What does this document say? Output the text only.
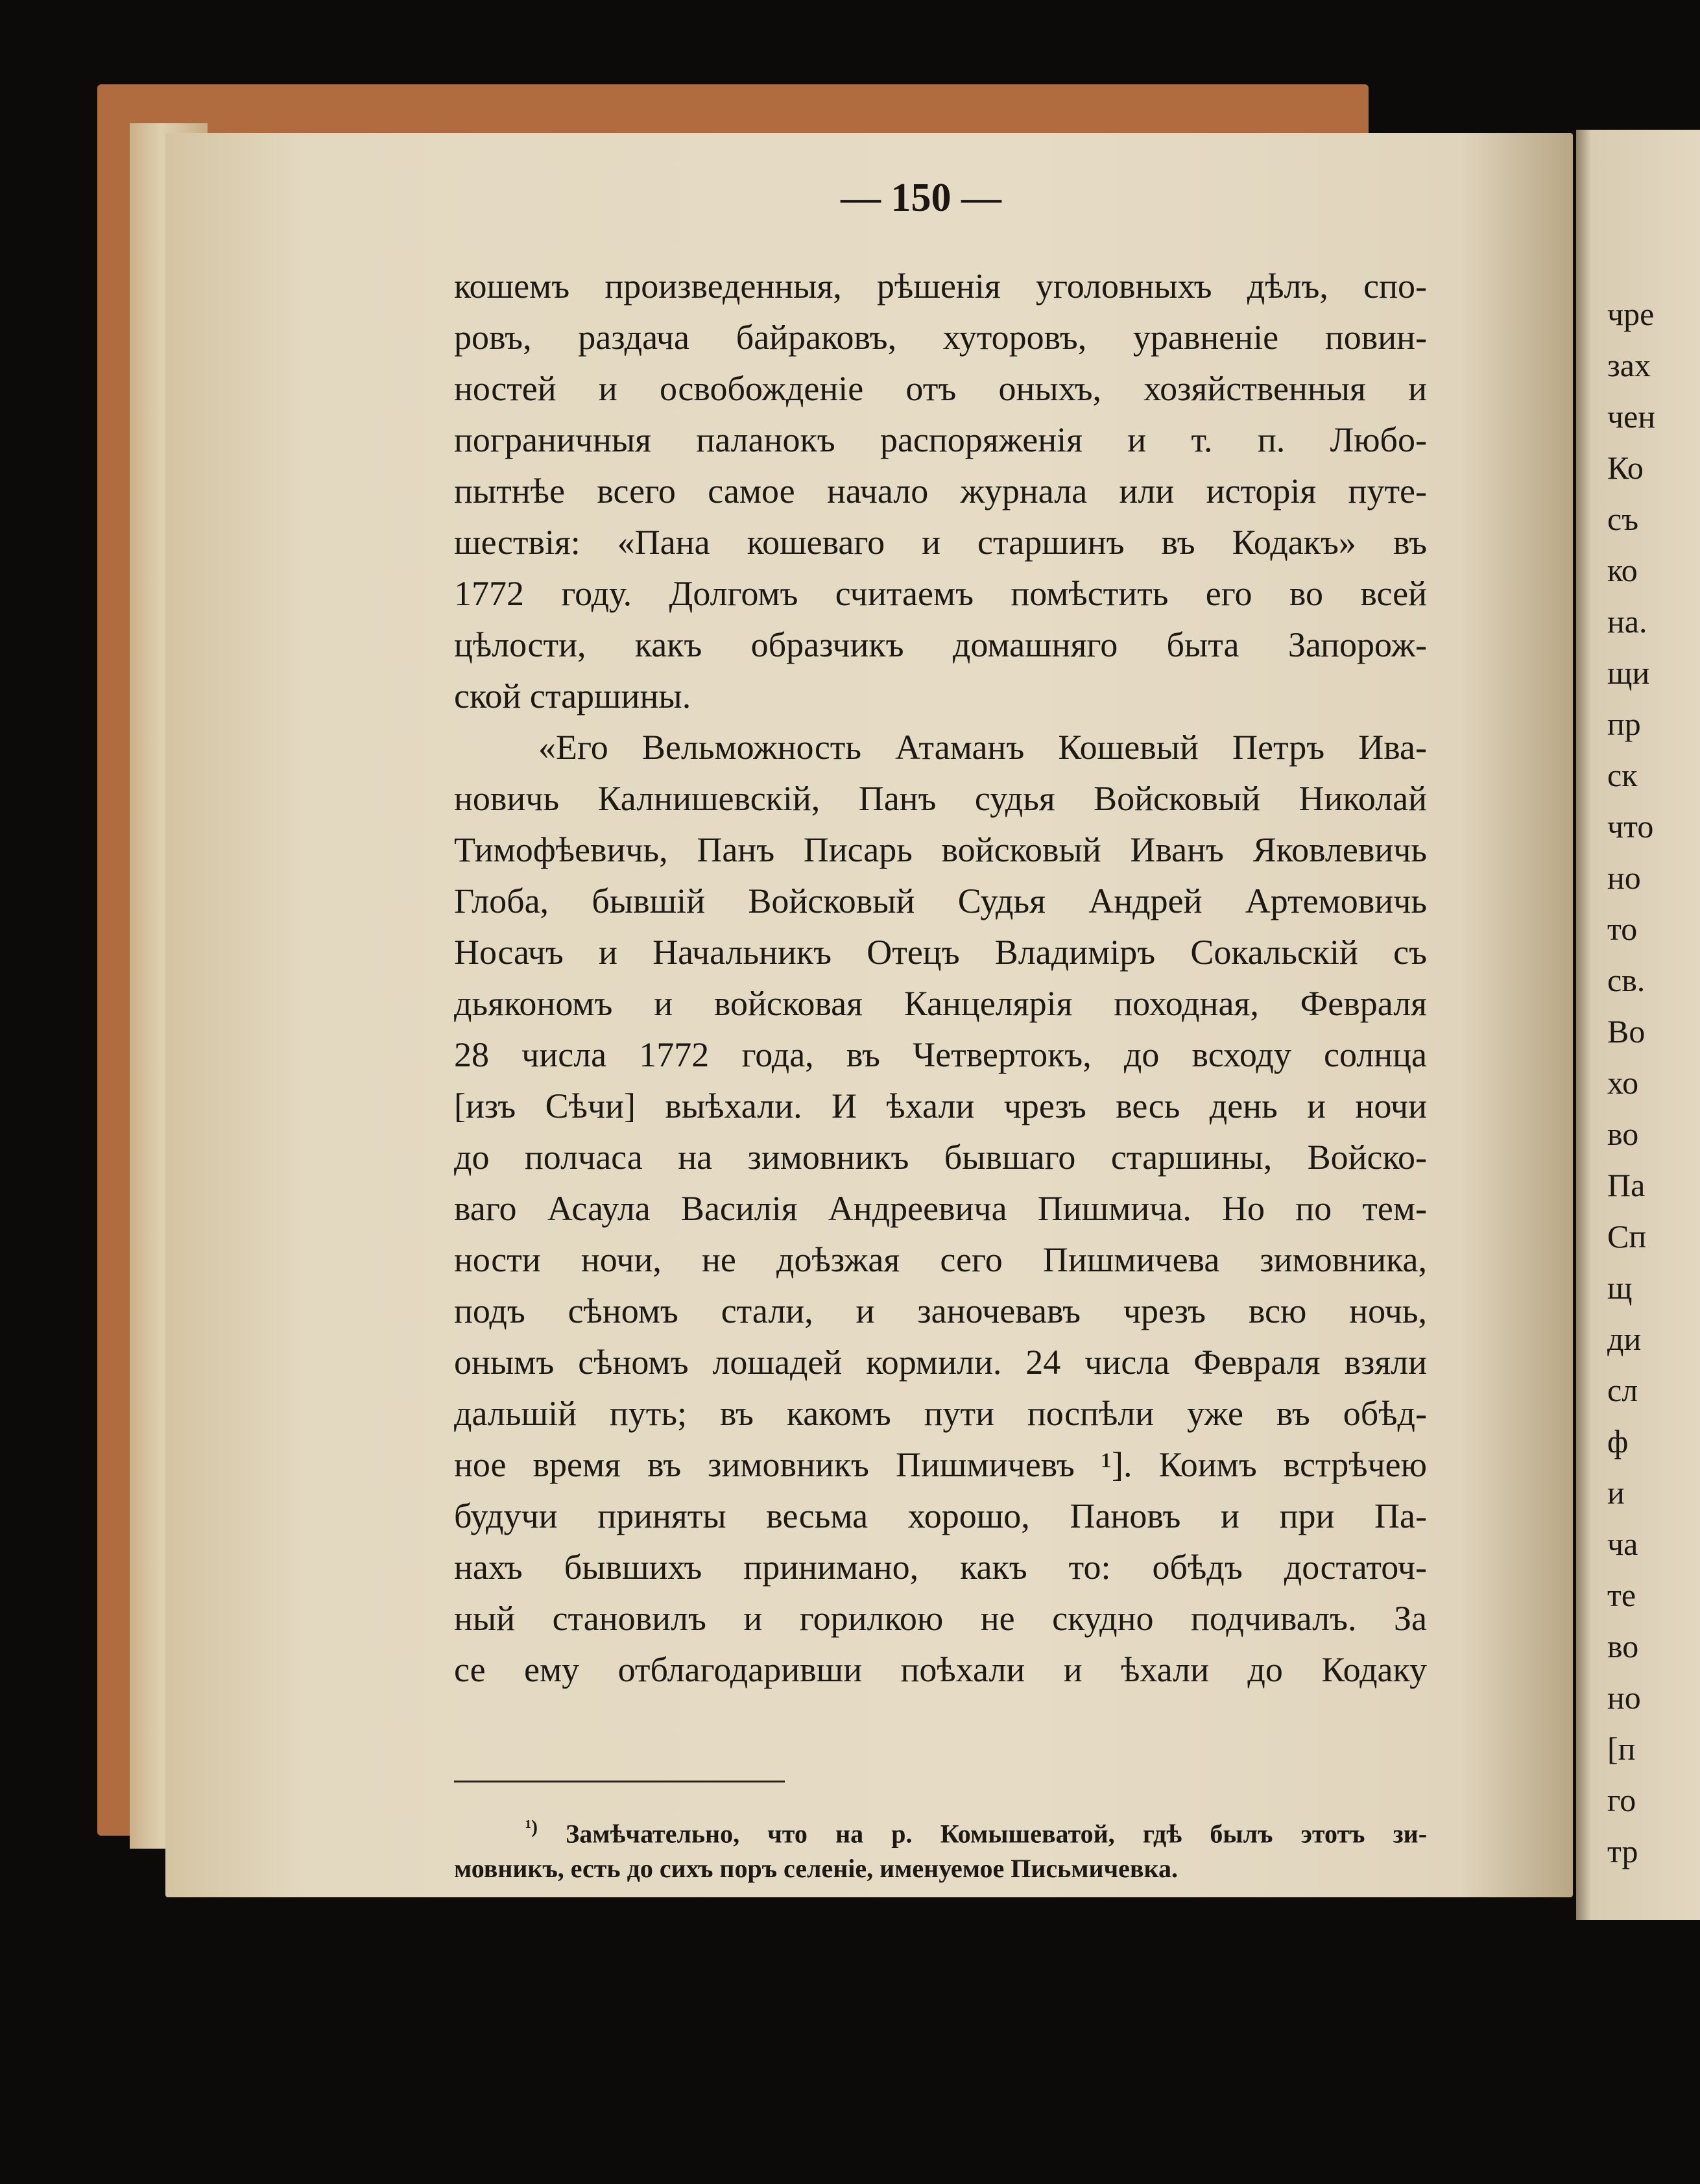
— 150 —
кошемъ произведенныя, рѣшенія уголовныхъ дѣлъ, спо-
ровъ, раздача байраковъ, хуторовъ, уравненіе повин-
ностей и освобожденіе отъ оныхъ, хозяйственныя и
пограничныя паланокъ распоряженія и т. п. Любо-
пытнѣе всего самое начало журнала или исторія путе-
шествія: «Пана кошеваго и старшинъ въ Кодакъ» въ
1772 году. Долгомъ считаемъ помѣстить его во всей
цѣлости, какъ образчикъ домашняго быта Запорож-
ской старшины.
«Его Вельможность Атаманъ Кошевый Петръ Ива-
новичь Калнишевскій, Панъ судья Войсковый Николай
Тимофѣевичь, Панъ Писарь войсковый Иванъ Яковлевичь
Глоба, бывшій Войсковый Судья Андрей Артемовичь
Носачъ и Начальникъ Отецъ Владиміръ Сокальскій съ
дьякономъ и войсковая Канцелярія походная, Февраля
28 числа 1772 года, въ Четвертокъ, до всходу солнца
[изъ Сѣчи] выѣхали. И ѣхали чрезъ весь день и ночи
до полчаса на зимовникъ бывшаго старшины, Войско-
ваго Асаула Василія Андреевича Пишмича. Но по тем-
ности ночи, не доѣзжая сего Пишмичева зимовника,
подъ сѣномъ стали, и заночевавъ чрезъ всю ночь,
онымъ сѣномъ лошадей кормили. 24 числа Февраля взяли
дальшій путь; въ какомъ пути поспѣли уже въ обѣд-
ное время въ зимовникъ Пишмичевъ ¹]. Коимъ встрѣчею
будучи приняты весьма хорошо, Пановъ и при Па-
нахъ бывшихъ принимано, какъ то: обѣдъ достаточ-
ный становилъ и горилкою не скудно подчивалъ. За
се ему отблагодаривши поѣхали и ѣхали до Кодаку
$^{^1)}$ Замѣчательно, что на р. Комышеватой, гдѣ былъ этотъ зи-
мовникъ, есть до сихъ поръ селеніе, именуемое Письмичевка.
чре
зах
чен
Ко
съ
ко
на.
щи
пр
ск
что
но
то
св.
Во
хо
во
Па
Сп
щ
ди
сл
ф
и
ча
те
во
но
[п
го
тр
